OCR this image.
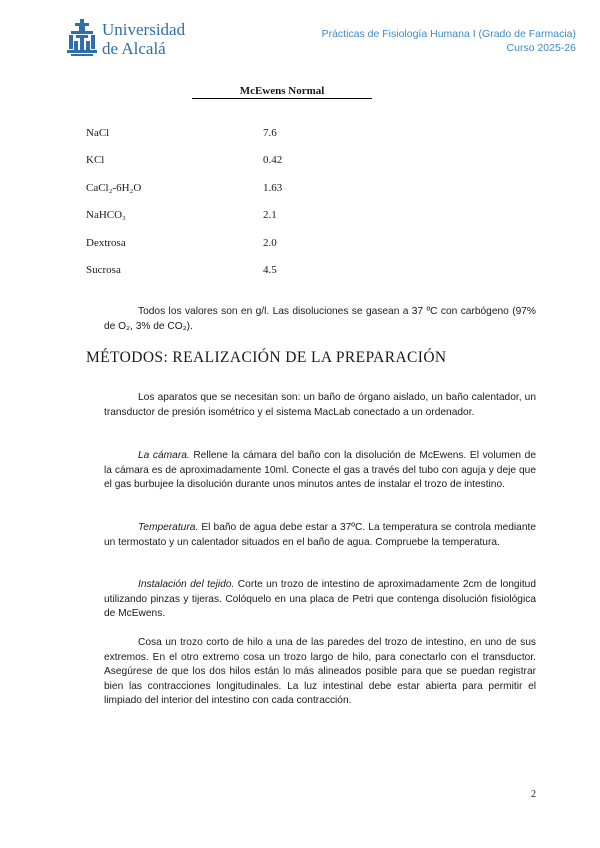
Universidad
de Alcalá
Prácticas de Fisiología Humana I (Grado de Farmacia)
Curso 2025-26
McEwens Normal
NaCl	7.6
KCl	0.42
CaCl₂-6H₂O	1.63
NaHCO₃	2.1
Dextrosa	2.0
Sucrosa	4.5
Todos los valores son en g/l. Las disoluciones se gasean a 37 ºC con carbógeno (97% de O₂, 3% de CO₂).
MÉTODOS: REALIZACIÓN DE LA PREPARACIÓN
Los aparatos que se necesitan son: un baño de órgano aislado, un baño calentador, un transductor de presión isométrico y el sistema MacLab conectado a un ordenador.
La cámara. Rellene la cámara del baño con la disolución de McEwens. El volumen de la cámara es de aproximadamente 10ml. Conecte el gas a través del tubo con aguja y deje que el gas burbujee la disolución durante unos minutos antes de instalar el trozo de intestino.
Temperatura. El baño de agua debe estar a 37ºC. La temperatura se controla mediante un termostato y un calentador situados en el baño de agua. Compruebe la temperatura.
Instalación del tejido. Corte un trozo de intestino de aproximadamente 2cm de longitud utilizando pinzas y tijeras. Colóquelo en una placa de Petri que contenga disolución fisiológica de McEwens.
Cosa un trozo corto de hilo a una de las paredes del trozo de intestino, en uno de sus extremos. En el otro extremo cosa un trozo largo de hilo, para conectarlo con el transductor. Asegúrese de que los dos hilos están lo más alineados posible para que se puedan registrar bien las contracciones longitudinales. La luz intestinal debe estar abierta para permitir el limpiado del interior del intestino con cada contracción.
2
